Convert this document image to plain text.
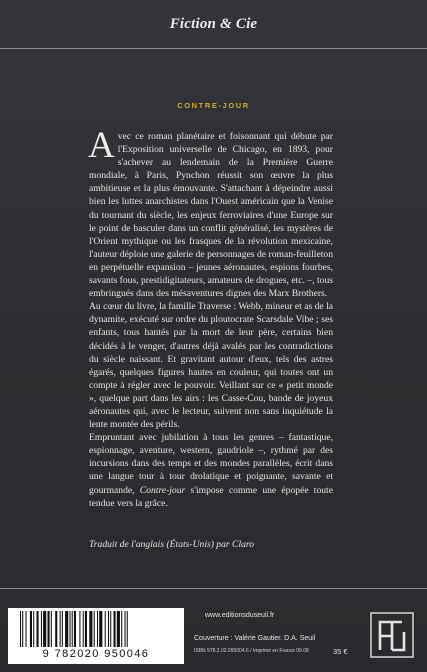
Fiction & Cie
CONTRE-JOUR

Avec ce roman planétaire et foisonnant qui débute par l'Exposition universelle de Chicago, en 1893, pour s'achever au lendemain de la Première Guerre mondiale, à Paris, Pynchon réussit son œuvre la plus ambitieuse et la plus émouvante. S'attachant à dépeindre aussi bien les luttes anarchistes dans l'Ouest américain que la Venise du tournant du siècle, les enjeux ferroviaires d'une Europe sur le point de basculer dans un conflit généralisé, les mystères de l'Orient mythique ou les frasques de la révolution mexicaine, l'auteur déploie une galerie de personnages de roman-feuilleton en perpétuelle expansion – jeunes aéronautes, espions fourbes, savants fous, prestidigitateurs, amateurs de drogues, etc. –, tous embringués dans des mésaventures dignes des Marx Brothers.

Au cœur du livre, la famille Traverse : Webb, mineur et as de la dynamite, exécuté sur ordre du ploutocrate Scarsdale Vibe ; ses enfants, tous hantés par la mort de leur père, certains bien décidés à le venger, d'autres déjà avalés par les contradictions du siècle naissant. Et gravitant autour d'eux, tels des astres égarés, quelques figures hautes en couleur, qui toutes ont un compte à régler avec le pouvoir. Veillant sur ce « petit monde », quelque part dans les airs : les Casse-Cou, bande de joyeux aéronautes qui, avec le lecteur, suivent non sans inquiétude la lente montée des périls.

Empruntant avec jubilation à tous les genres – fantastique, espionnage, aventure, western, gaudriole –, rythmé par des incursions dans des temps et des mondes parallèles, écrit dans une langue tour à tour drolatique et poignante, savante et gourmande, Contre-jour s'impose comme une épopée toute tendue vers la grâce.

Traduit de l'anglais (États-Unis) par Claro
9 782020 950046
www.editionsduseuil.fr
Couverture : Valérie Gautier. D.A. Seuil
ISBN 978.2.02.095004.6 / Imprimé en France 09.08	35 €
